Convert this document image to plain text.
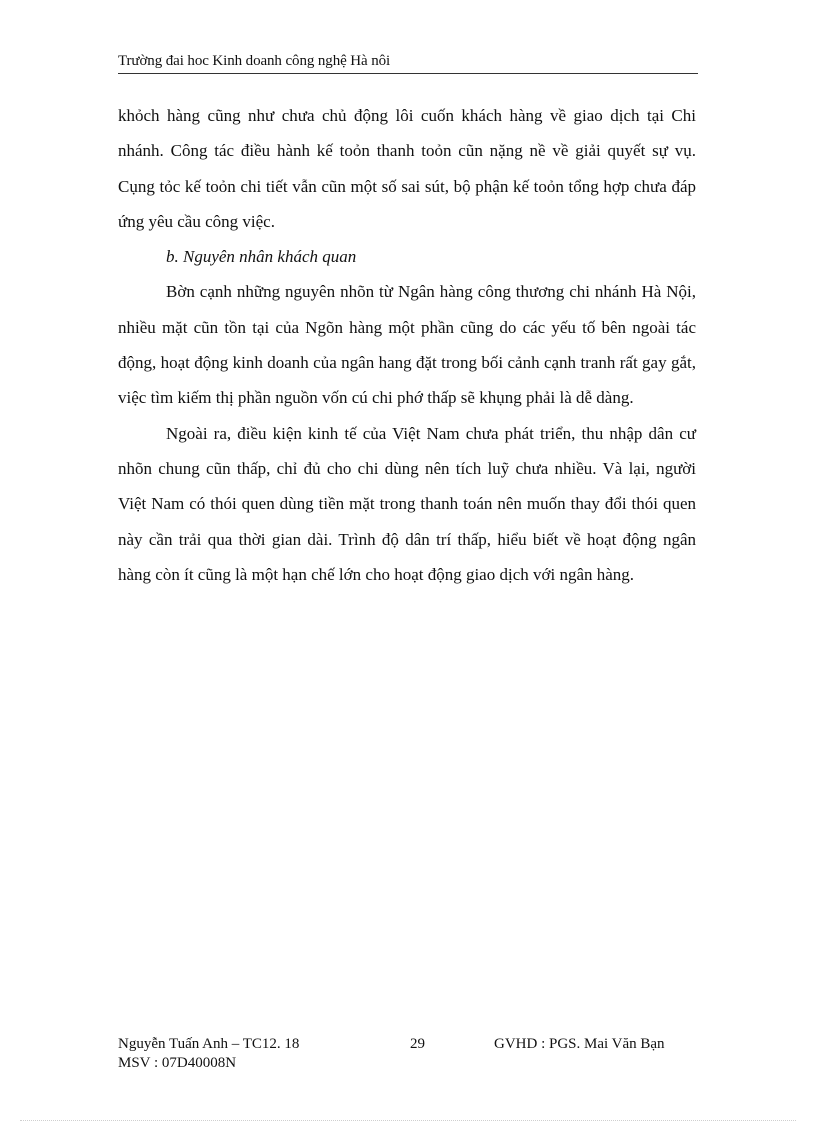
Trường đai hoc Kinh doanh công nghệ Hà nôi

khỏch hàng cũng như chưa chủ động lôi cuốn khách hàng về giao dịch tại Chi nhánh. Công tác điều hành kế toỏn thanh toỏn cũn nặng nề về giải quyết sự vụ. Cụng tỏc kế toỏn chi tiết vẫn cũn một số sai sút, bộ phận kế toỏn tổng hợp chưa đáp ứng yêu cầu công việc.

b. Nguyên nhân khách quan

Bờn cạnh những nguyên nhõn từ Ngân hàng công thương chi nhánh Hà Nội, nhiều mặt cũn tồn tại của Ngõn hàng một phần cũng do các yếu tố bên ngoài tác động, hoạt động kinh doanh của ngân hang đặt trong bối cảnh cạnh tranh rất gay gắt, việc tìm kiếm thị phần nguồn vốn cú chi phớ thấp sẽ khụng phải là dễ dàng.

Ngoài ra, điều kiện kinh tế của Việt Nam chưa phát triển, thu nhập dân cư nhõn chung cũn thấp, chỉ đủ cho chi dùng nên tích luỹ chưa nhiều. Và lại, người Việt Nam có thói quen dùng tiền mặt trong thanh toán nên muốn thay đổi thói quen này cần trải qua thời gian dài. Trình độ dân trí thấp, hiểu biết về hoạt động ngân hàng còn ít cũng là một hạn chế lớn cho hoạt động giao dịch với ngân hàng.

Nguyễn Tuấn Anh – TC12. 18	29	GVHD : PGS. Mai Văn Bạn
MSV : 07D40008N
